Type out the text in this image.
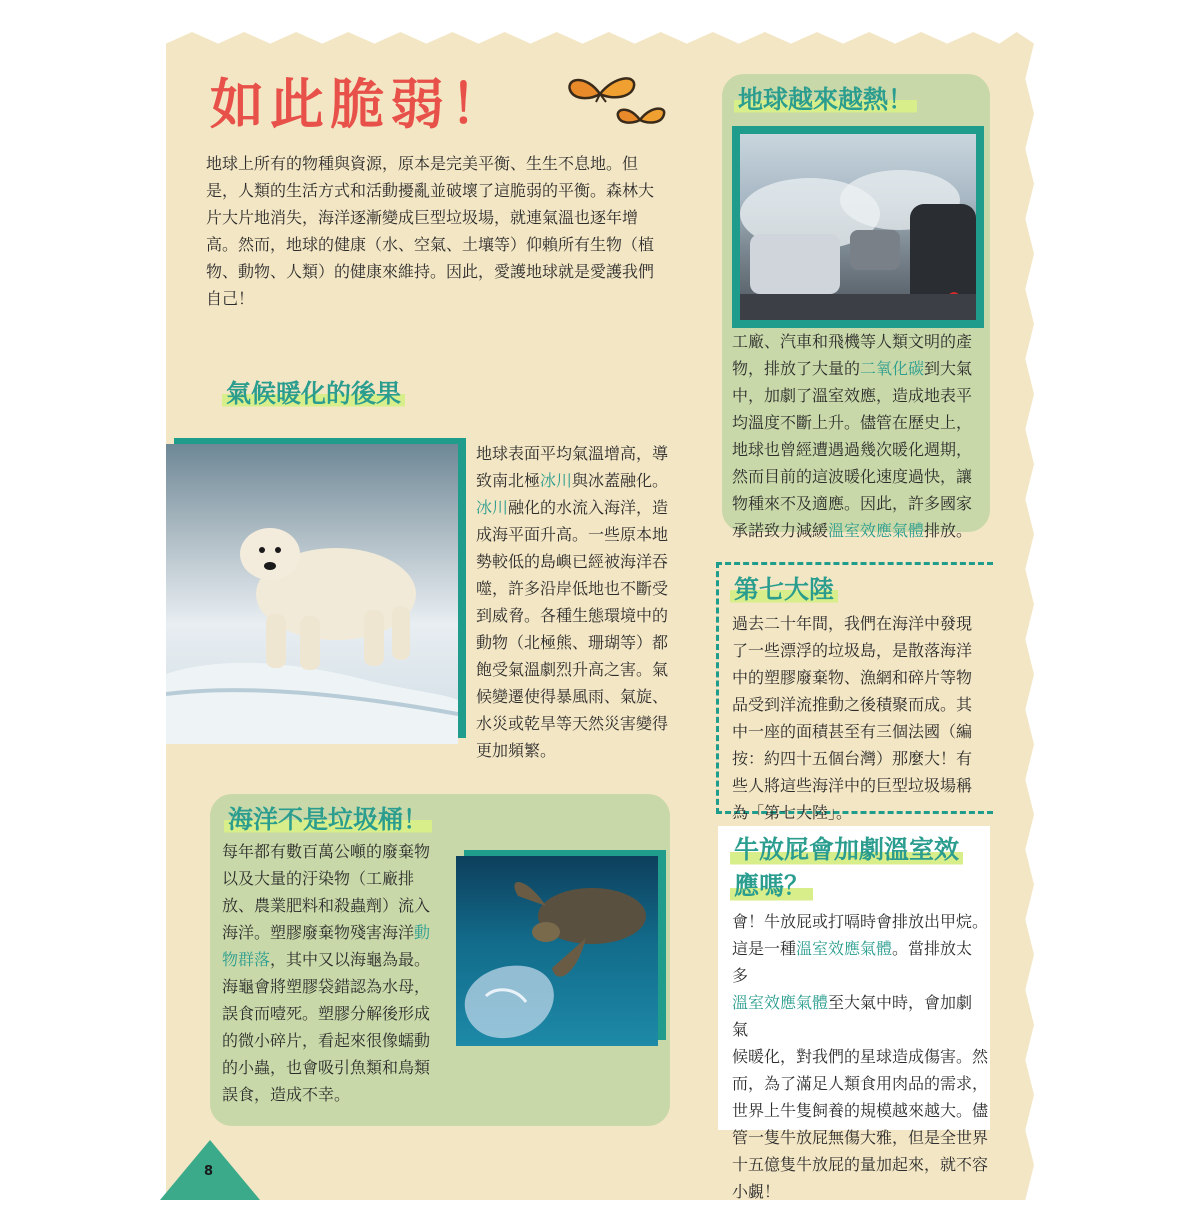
如此脆弱！
地球上所有的物種與資源，原本是完美平衡、生生不息地。但
是，人類的生活方式和活動擾亂並破壞了這脆弱的平衡。森林大
片大片地消失，海洋逐漸變成巨型垃圾場，就連氣溫也逐年增
高。然而，地球的健康（水、空氣、土壤等）仰賴所有生物（植
物、動物、人類）的健康來維持。因此，愛護地球就是愛護我們
自己！
地球越來越熱！
工廠、汽車和飛機等人類文明的產
物，排放了大量的二氧化碳到大氣
中，加劇了溫室效應，造成地表平
均溫度不斷上升。儘管在歷史上，
地球也曾經遭遇過幾次暖化週期，
然而目前的這波暖化速度過快，讓
物種來不及適應。因此，許多國家
承諾致力減緩溫室效應氣體排放。
氣候暖化的後果
地球表面平均氣溫增高，導
致南北極冰川與冰蓋融化。
冰川融化的水流入海洋，造
成海平面升高。一些原本地
勢較低的島嶼已經被海洋吞
噬，許多沿岸低地也不斷受
到威脅。各種生態環境中的
動物（北極熊、珊瑚等）都
飽受氣溫劇烈升高之害。氣
候變遷使得暴風雨、氣旋、
水災或乾旱等天然災害變得
更加頻繁。
第七大陸
過去二十年間，我們在海洋中發現
了一些漂浮的垃圾島，是散落海洋
中的塑膠廢棄物、漁網和碎片等物
品受到洋流推動之後積聚而成。其
中一座的面積甚至有三個法國（編
按：約四十五個台灣）那麼大！有
些人將這些海洋中的巨型垃圾場稱
為「第七大陸」。
海洋不是垃圾桶！
每年都有數百萬公噸的廢棄物
以及大量的汙染物（工廠排
放、農業肥料和殺蟲劑）流入
海洋。塑膠廢棄物殘害海洋動
物群落，其中又以海龜為最。
海龜會將塑膠袋錯認為水母，
誤食而噎死。塑膠分解後形成
的微小碎片，看起來很像蠕動
的小蟲，也會吸引魚類和鳥類
誤食，造成不幸。
牛放屁會加劇溫室效
應嗎？
會！牛放屁或打嗝時會排放出甲烷。
這是一種溫室效應氣體。當排放太多
溫室效應氣體至大氣中時，會加劇氣
候暖化，對我們的星球造成傷害。然
而，為了滿足人類食用肉品的需求，
世界上牛隻飼養的規模越來越大。儘
管一隻牛放屁無傷大雅，但是全世界
十五億隻牛放屁的量加起來，就不容
小覷！
8
